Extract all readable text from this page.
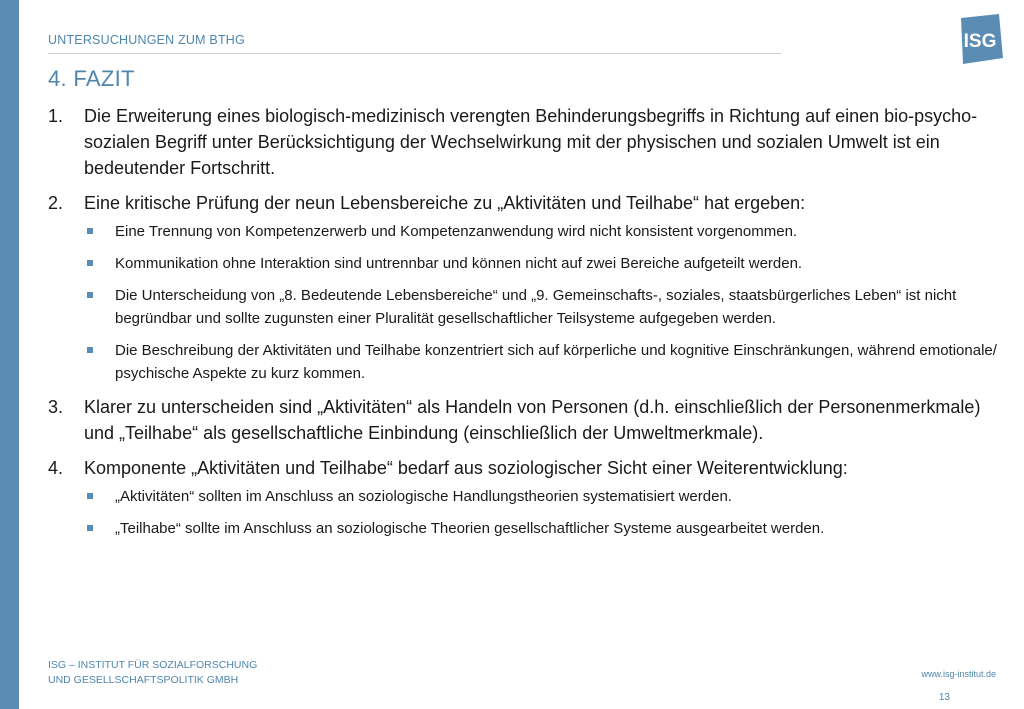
UNTERSUCHUNGEN ZUM BTHG	ISG
4. FAZIT
1. Die Erweiterung eines biologisch-medizinisch verengten Behinderungsbegriffs in Richtung auf einen bio-psycho-sozialen Begriff unter Berücksichtigung der Wechselwirkung mit der physischen und sozialen Umwelt ist ein bedeutender Fortschritt.
2. Eine kritische Prüfung der neun Lebensbereiche zu „Aktivitäten und Teilhabe“ hat ergeben:
Eine Trennung von Kompetenzerwerb und Kompetenzanwendung wird nicht konsistent vorgenommen.
Kommunikation ohne Interaktion sind untrennbar und können nicht auf zwei Bereiche aufgeteilt werden.
Die Unterscheidung von „8. Bedeutende Lebensbereiche“ und „9. Gemeinschafts-, soziales, staatsbürgerliches Leben“ ist nicht begründbar und sollte zugunsten einer Pluralität gesellschaftlicher Teilsysteme aufgegeben werden.
Die Beschreibung der Aktivitäten und Teilhabe konzentriert sich auf körperliche und kognitive Einschränkungen, während emotionale/ psychische Aspekte zu kurz kommen.
3. Klarer zu unterscheiden sind „Aktivitäten“ als Handeln von Personen (d.h. einschließlich der Personenmerkmale) und „Teilhabe“ als gesellschaftliche Einbindung (einschließlich der Umweltmerkmale).
4. Komponente „Aktivitäten und Teilhabe“ bedarf aus soziologischer Sicht einer Weiterentwicklung:
„Aktivitäten“ sollten im Anschluss an soziologische Handlungstheorien systematisiert werden.
„Teilhabe“ sollte im Anschluss an soziologische Theorien gesellschaftlicher Systeme ausgearbeitet werden.
ISG – INSTITUT FÜR SOZIALFORSCHUNG
UND GESELLSCHAFTSPOLITIK GMBH	www.isg-institut.de
13
